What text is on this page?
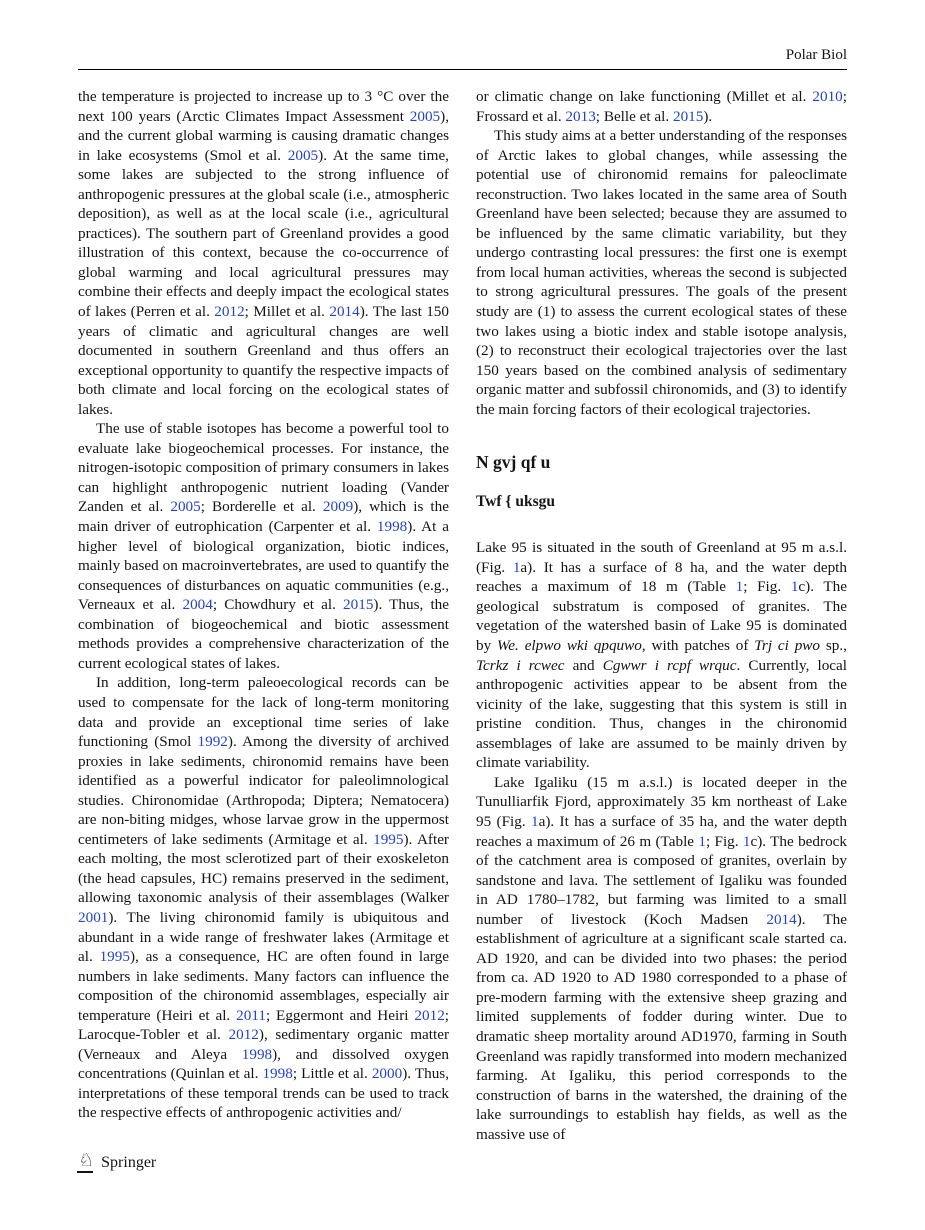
Polar Biol

the temperature is projected to increase up to 3 °C over the next 100 years (Arctic Climates Impact Assessment 2005), and the current global warming is causing dramatic changes in lake ecosystems (Smol et al. 2005). At the same time, some lakes are subjected to the strong influence of anthropogenic pressures at the global scale (i.e., atmospheric deposition), as well as at the local scale (i.e., agricultural practices). The southern part of Greenland provides a good illustration of this context, because the co-occurrence of global warming and local agricultural pressures may combine their effects and deeply impact the ecological states of lakes (Perren et al. 2012; Millet et al. 2014). The last 150 years of climatic and agricultural changes are well documented in southern Greenland and thus offers an exceptional opportunity to quantify the respective impacts of both climate and local forcing on the ecological states of lakes.

The use of stable isotopes has become a powerful tool to evaluate lake biogeochemical processes. For instance, the nitrogen-isotopic composition of primary consumers in lakes can highlight anthropogenic nutrient loading (Vander Zanden et al. 2005; Borderelle et al. 2009), which is the main driver of eutrophication (Carpenter et al. 1998). At a higher level of biological organization, biotic indices, mainly based on macroinvertebrates, are used to quantify the consequences of disturbances on aquatic communities (e.g., Verneaux et al. 2004; Chowdhury et al. 2015). Thus, the combination of biogeochemical and biotic assessment methods provides a comprehensive characterization of the current ecological states of lakes.

In addition, long-term paleoecological records can be used to compensate for the lack of long-term monitoring data and provide an exceptional time series of lake functioning (Smol 1992). Among the diversity of archived proxies in lake sediments, chironomid remains have been identified as a powerful indicator for paleolimnological studies. Chironomidae (Arthropoda; Diptera; Nematocera) are non-biting midges, whose larvae grow in the uppermost centimeters of lake sediments (Armitage et al. 1995). After each molting, the most sclerotized part of their exoskeleton (the head capsules, HC) remains preserved in the sediment, allowing taxonomic analysis of their assemblages (Walker 2001). The living chironomid family is ubiquitous and abundant in a wide range of freshwater lakes (Armitage et al. 1995), as a consequence, HC are often found in large numbers in lake sediments. Many factors can influence the composition of the chironomid assemblages, especially air temperature (Heiri et al. 2011; Eggermont and Heiri 2012; Larocque-Tobler et al. 2012), sedimentary organic matter (Verneaux and Aleya 1998), and dissolved oxygen concentrations (Quinlan et al. 1998; Little et al. 2000). Thus, interpretations of these temporal trends can be used to track the respective effects of anthropogenic activities and/

or climatic change on lake functioning (Millet et al. 2010; Frossard et al. 2013; Belle et al. 2015).

This study aims at a better understanding of the responses of Arctic lakes to global changes, while assessing the potential use of chironomid remains for paleoclimate reconstruction. Two lakes located in the same area of South Greenland have been selected; because they are assumed to be influenced by the same climatic variability, but they undergo contrasting local pressures: the first one is exempt from local human activities, whereas the second is subjected to strong agricultural pressures. The goals of the present study are (1) to assess the current ecological states of these two lakes using a biotic index and stable isotope analysis, (2) to reconstruct their ecological trajectories over the last 150 years based on the combined analysis of sedimentary organic matter and subfossil chironomids, and (3) to identify the main forcing factors of their ecological trajectories.

N gvj qf u
Twf { uksgu

Lake 95 is situated in the south of Greenland at 95 m a.s.l. (Fig. 1a). It has a surface of 8 ha, and the water depth reaches a maximum of 18 m (Table 1; Fig. 1c). The geological substratum is composed of granites. The vegetation of the watershed basin of Lake 95 is dominated by We. elpwo wki qpquwo, with patches of Trj ci pwo sp., Tcrkz i rcwec and Cgwwr i rcpf wrquc. Currently, local anthropogenic activities appear to be absent from the vicinity of the lake, suggesting that this system is still in pristine condition. Thus, changes in the chironomid assemblages of lake are assumed to be mainly driven by climate variability.

Lake Igaliku (15 m a.s.l.) is located deeper in the Tunulliarfik Fjord, approximately 35 km northeast of Lake 95 (Fig. 1a). It has a surface of 35 ha, and the water depth reaches a maximum of 26 m (Table 1; Fig. 1c). The bedrock of the catchment area is composed of granites, overlain by sandstone and lava. The settlement of Igaliku was founded in AD 1780–1782, but farming was limited to a small number of livestock (Koch Madsen 2014). The establishment of agriculture at a significant scale started ca. AD 1920, and can be divided into two phases: the period from ca. AD 1920 to AD 1980 corresponded to a phase of pre-modern farming with the extensive sheep grazing and limited supplements of fodder during winter. Due to dramatic sheep mortality around AD1970, farming in South Greenland was rapidly transformed into modern mechanized farming. At Igaliku, this period corresponds to the construction of barns in the watershed, the draining of the lake surroundings to establish hay fields, as well as the massive use of

♘ Springer
